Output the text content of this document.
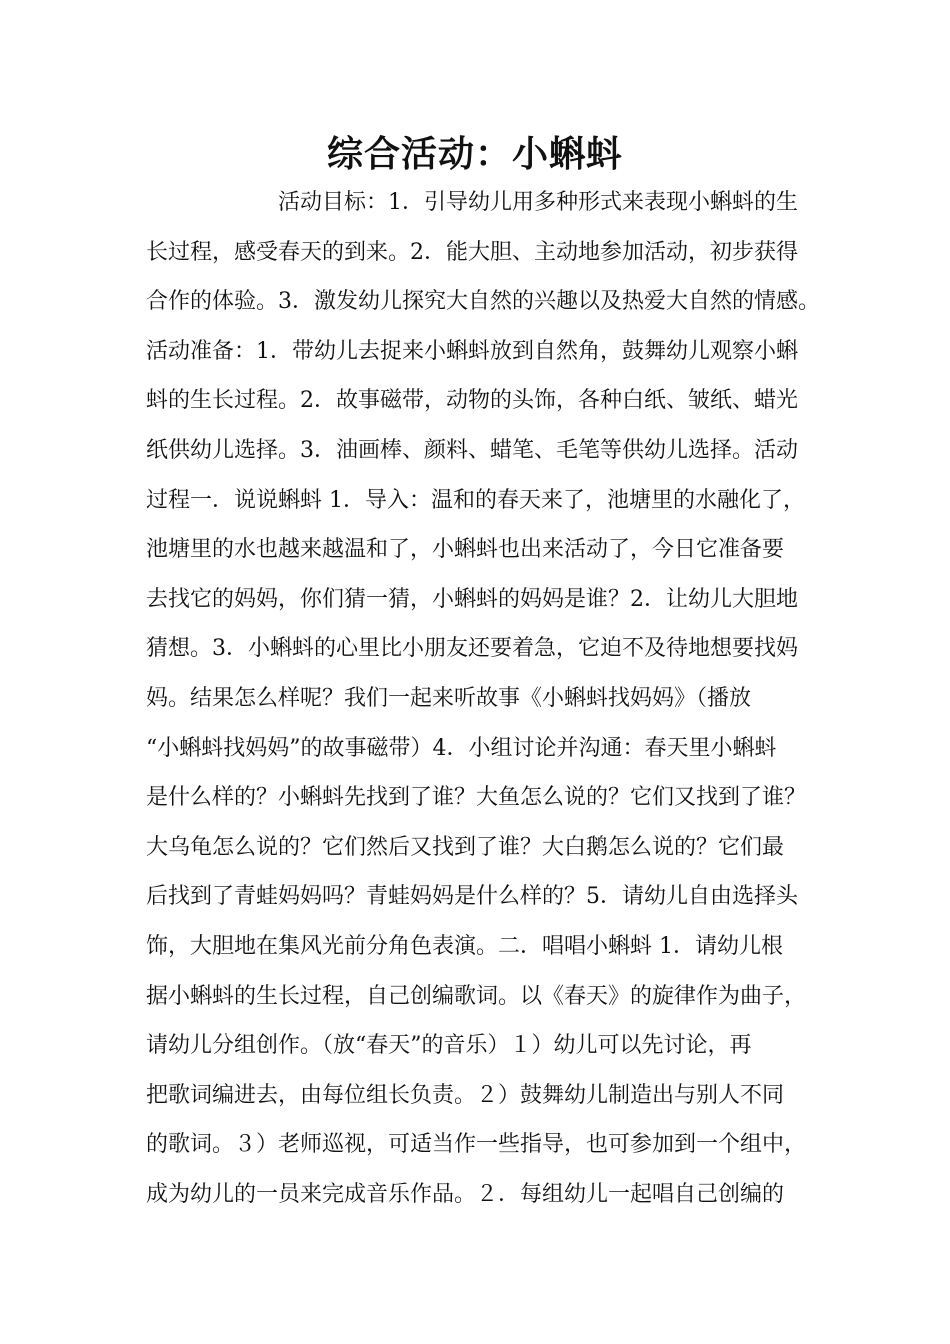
综合活动：小蝌蚪
活动目标：1．引导幼儿用多种形式来表现小蝌蚪的生
长过程，感受春天的到来。2．能大胆、主动地参加活动，初步获得
合作的体验。3．激发幼儿探究大自然的兴趣以及热爱大自然的情感。
活动准备：1．带幼儿去捉来小蝌蚪放到自然角，鼓舞幼儿观察小蝌
蚪的生长过程。2．故事磁带，动物的头饰，各种白纸、皱纸、蜡光
纸供幼儿选择。3．油画棒、颜料、蜡笔、毛笔等供幼儿选择。活动
过程一．说说蝌蚪 1．导入：温和的春天来了，池塘里的水融化了，
池塘里的水也越来越温和了，小蝌蚪也出来活动了，今日它准备要
去找它的妈妈，你们猜一猜，小蝌蚪的妈妈是谁？2．让幼儿大胆地
猜想。3．小蝌蚪的心里比小朋友还要着急，它迫不及待地想要找妈
妈。结果怎么样呢？我们一起来听故事《小蝌蚪找妈妈》（播放
“小蝌蚪找妈妈”的故事磁带）4．小组讨论并沟通：春天里小蝌蚪
是什么样的？小蝌蚪先找到了谁？大鱼怎么说的？它们又找到了谁？
大乌龟怎么说的？它们然后又找到了谁？大白鹅怎么说的？它们最
后找到了青蛙妈妈吗？青蛙妈妈是什么样的？5．请幼儿自由选择头
饰，大胆地在集风光前分角色表演。二．唱唱小蝌蚪 1．请幼儿根
据小蝌蚪的生长过程，自己创编歌词。以《春天》的旋律作为曲子，
请幼儿分组创作。（放“春天”的音乐）１）幼儿可以先讨论，再
把歌词编进去，由每位组长负责。２）鼓舞幼儿制造出与别人不同
的歌词。３）老师巡视，可适当作一些指导，也可参加到一个组中，
成为幼儿的一员来完成音乐作品。２．每组幼儿一起唱自己创编的
